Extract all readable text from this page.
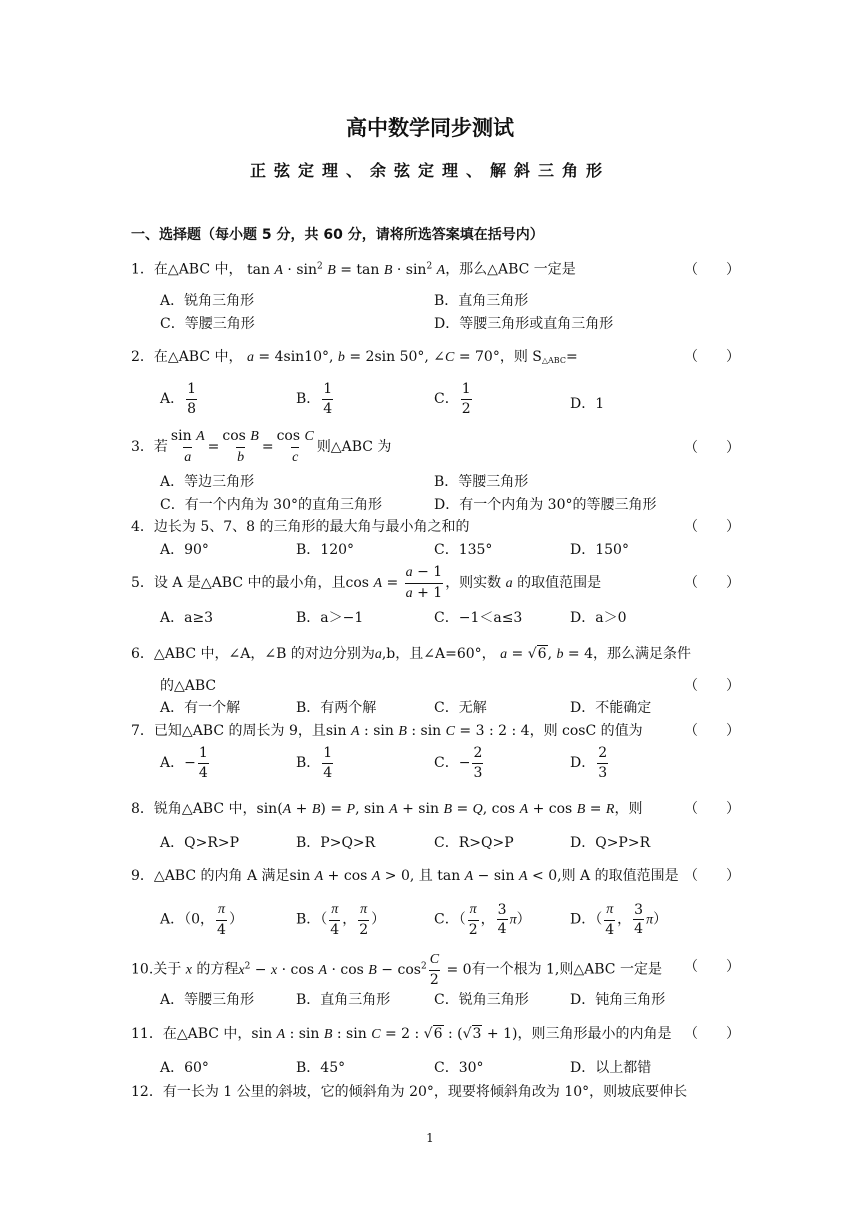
高中数学同步测试
正弦定理、余弦定理、解斜三角形
一、选择题（每小题 5 分，共 60 分，请将所选答案填在括号内）
1．在△ABC 中， $\tan A \cdot \sin^2 B = \tan B \cdot \sin^2 A$，那么△ABC 一定是	（　　）
A．锐角三角形	B．直角三角形
C．等腰三角形	D．等腰三角形或直角三角形
2．在△ABC 中， a = 4sin10°, b = 2sin 50°, ∠C = 70°，则 $S_{\triangle ABC}=$	（　　）
A． $\frac{1}{8}$	B． $\frac{1}{4}$	C． $\frac{1}{2}$	D．1
3．若 $\frac{\text{sin A}}{a} = \frac{\text{cos B}}{b} = \frac{\text{cos C}}{c}$ 则△ABC 为	（　　）
A．等边三角形	B．等腰三角形
C．有一个内角为 30°的直角三角形	D．有一个内角为 30°的等腰三角形
4．边长为 5、7、8 的三角形的最大角与最小角之和的	（　　）
A．90°	B．120°	C．135°	D．150°
5．设 A 是△ABC 中的最小角，且$\cos A = \frac{a - 1}{a + 1}$ ，则实数 a 的取值范围是	（　　）
A．a≥3	B．a＞−1	C．−1＜a≤3	D．a＞0
6．△ABC 中，∠A，∠B 的对边分别为a,b，且∠A=60°， a = √6, b = 4，那么满足条件
的△ABC	（　　）
A．有一个解	B．有两个解	C．无解	D．不能确定
7．已知△ABC 的周长为 9，且sin A : sin B : sin C = 3 : 2 : 4，则 cosC 的值为	（　　）
A．− $\frac{1}{4}$	B． $\frac{1}{4}$	C．− $\frac{2}{3}$	D． $\frac{2}{3}$
8．锐角△ABC 中，sin(A + B) = P, sin A + sin B = Q, cos A + cos B = R，则	（　　）
A．Q>R>P	B．P>Q>R	C．R>Q>P	D．Q>P>R
9．△ABC 的内角 A 满足sin A + cos A > 0, 且 tan A − sin A < 0,则 A 的取值范围是 （　　）
A．（0， $\frac{\pi}{4}$ ）	B．（ $\frac{\pi}{4}$ ， $\frac{\pi}{2}$ ）	C．（ $\frac{\pi}{2}$ ， $\frac{3}{4} \pi$）	D．（ $\frac{\pi}{4}$ ， $\frac{3}{4} \pi$）
10.关于 x 的方程$x^2 - x \cdot \cos A \cdot \cos B - \cos^2 \frac{C}{2} = 0$有一个根为 1,则△ABC 一定是 （　　）
A．等腰三角形	B．直角三角形	C．锐角三角形	D．钝角三角形
11．在△ABC 中，sin A : sin B : sin C = 2 : √6 : (√3 + 1)，则三角形最小的内角是 （　　）
A．60°	B．45°	C．30°	D．以上都错
12．有一长为 1 公里的斜坡，它的倾斜角为 20°，现要将倾斜角改为 10°，则坡底要伸长
1
